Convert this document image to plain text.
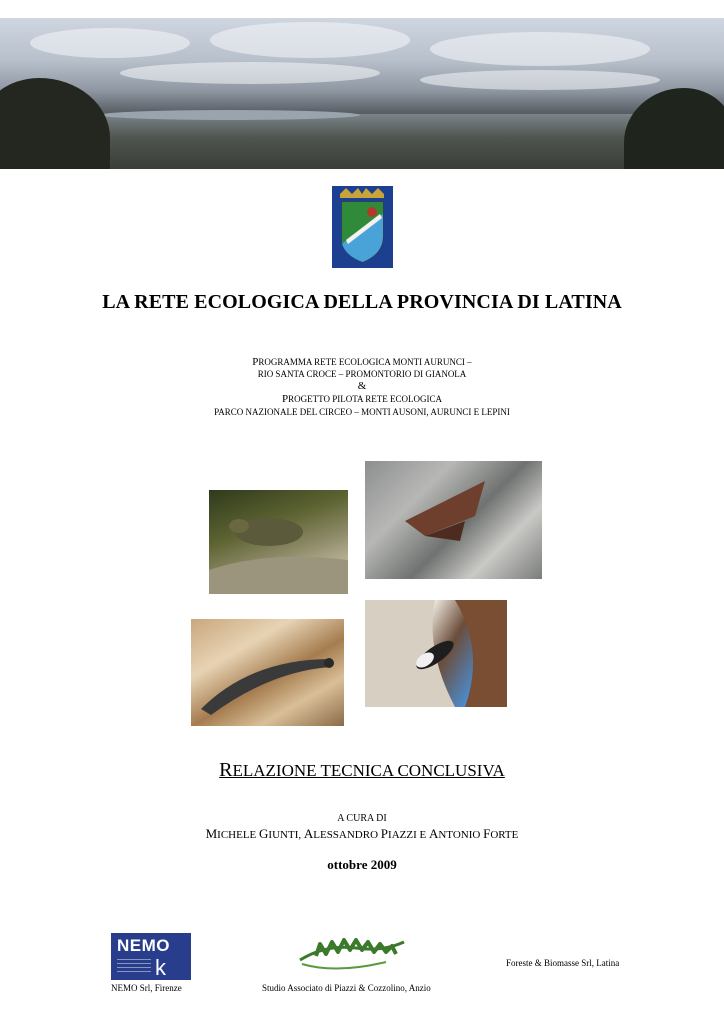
LA RETE ECOLOGICA DELLA PROVINCIA DI LATINA
PROGRAMMA RETE ECOLOGICA MONTI AURUNCI –
RIO SANTA CROCE – PROMONTORIO DI GIANOLA
&
PROGETTO PILOTA RETE ECOLOGICA
PARCO NAZIONALE DEL CIRCEO – MONTI AUSONI, AURUNCI E LEPINI
RELAZIONE TECNICA CONCLUSIVA
A CURA DI
MICHELE GIUNTI, ALESSANDRO PIAZZI E ANTONIO FORTE
ottobre 2009
NEMO
k
NEMO Srl, Firenze	Studio Associato di Piazzi & Cozzolino, Anzio
Foreste & Biomasse Srl, Latina
